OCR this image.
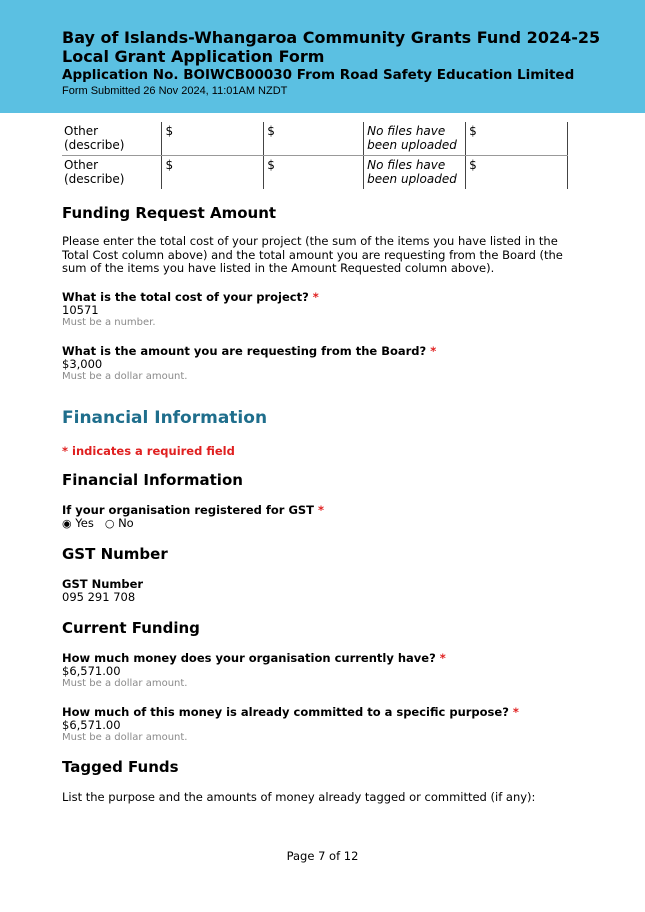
Bay of Islands-Whangaroa Community Grants Fund 2024-25
Local Grant Application Form
Application No. BOIWCB00030 From Road Safety Education Limited
Form Submitted 26 Nov 2024, 11:01AM NZDT
Other (describe)	$	$	No files have been uploaded	$
Other (describe)	$	$	No files have been uploaded	$
Funding Request Amount

Please enter the total cost of your project (the sum of the items you have listed in the Total Cost column above) and the total amount you are requesting from the Board (the sum of the items you have listed in the Amount Requested column above).

What is the total cost of your project? *
10571
Must be a number.
What is the amount you are requesting from the Board? *
$3,000
Must be a dollar amount.
Financial Information
* indicates a required field
Financial Information
If your organisation registered for GST *
◉ Yes ○ No
GST Number
GST Number
095 291 708
Current Funding
How much money does your organisation currently have? *
$6,571.00
Must be a dollar amount.
How much of this money is already committed to a specific purpose? *
$6,571.00
Must be a dollar amount.
Tagged Funds

List the purpose and the amounts of money already tagged or committed (if any):

Page 7 of 12
